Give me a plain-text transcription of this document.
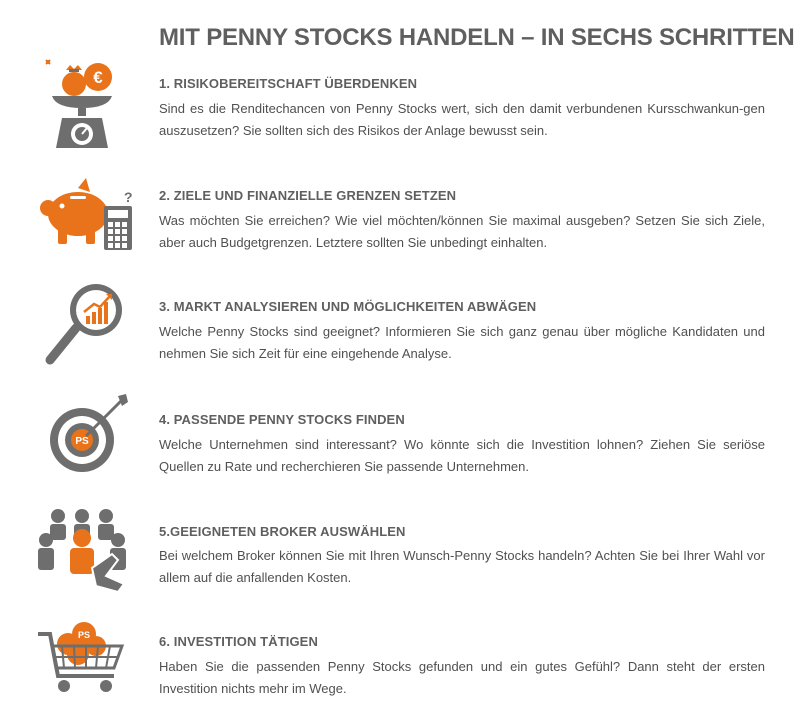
MIT PENNY STOCKS HANDELN – IN SECHS SCHRITTEN
€	1. RISIKOBEREITSCHAFT ÜBERDENKEN

Sind es die Renditechancen von Penny Stocks wert, sich den damit verbundenen Kursschwankun-gen auszusetzen? Sie sollten sich des Risikos der Anlage bewusst sein.

? 2. ZIELE UND FINANZIELLE GRENZEN SETZEN

Was möchten Sie erreichen? Wie viel möchten/können Sie maximal ausgeben? Setzen Sie sich Ziele, aber auch Budgetgrenzen. Letztere sollten Sie unbedingt einhalten.

3. MARKT ANALYSIEREN UND MÖGLICHKEITEN ABWÄGEN

Welche Penny Stocks sind geeignet? Informieren Sie sich ganz genau über mögliche Kandidaten und nehmen Sie sich Zeit für eine eingehende Analyse.

PS
4. PASSENDE PENNY STOCKS FINDEN

Welche Unternehmen sind interessant? Wo könnte sich die Investition lohnen? Ziehen Sie seriöse Quellen zu Rate und recherchieren Sie passende Unternehmen.

5.GEEIGNETEN BROKER AUSWÄHLEN

Bei welchem Broker können Sie mit Ihren Wunsch-Penny Stocks handeln? Achten Sie bei Ihrer Wahl vor allem auf die anfallenden Kosten.

PS	6. INVESTITION TÄTIGEN

Haben Sie die passenden Penny Stocks gefunden und ein gutes Gefühl? Dann steht der ersten Investition nichts mehr im Wege.
